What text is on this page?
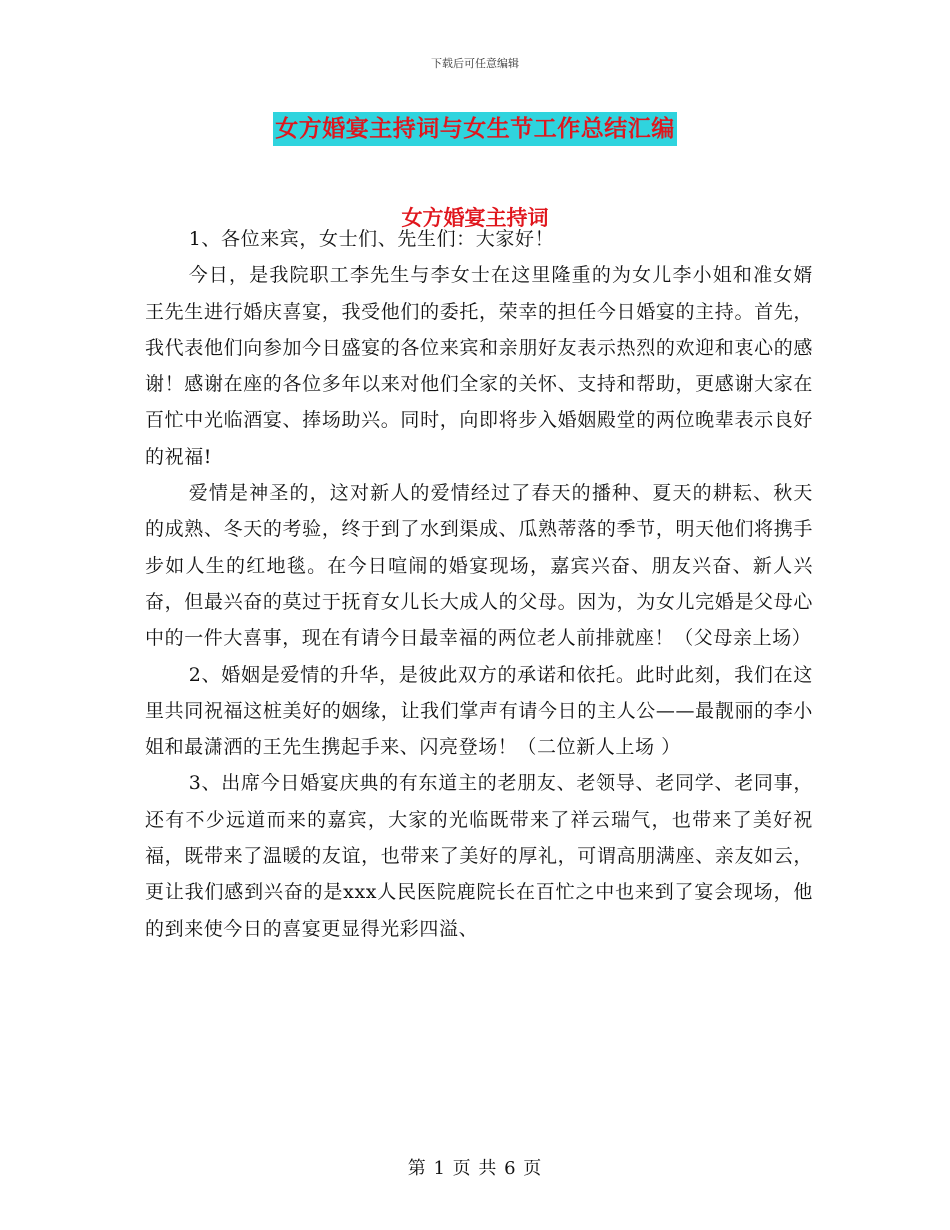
下载后可任意编辑
女方婚宴主持词与女生节工作总结汇编
女方婚宴主持词

1、各位来宾，女士们、先生们：大家好！

今日，是我院职工李先生与李女士在这里隆重的为女儿李小姐和准女婿王先生进行婚庆喜宴，我受他们的委托，荣幸的担任今日婚宴的主持。首先，我代表他们向参加今日盛宴的各位来宾和亲朋好友表示热烈的欢迎和衷心的感谢！感谢在座的各位多年以来对他们全家的关怀、支持和帮助，更感谢大家在百忙中光临酒宴、捧场助兴。同时，向即将步入婚姻殿堂的两位晚辈表示良好的祝福!

爱情是神圣的，这对新人的爱情经过了春天的播种、夏天的耕耘、秋天的成熟、冬天的考验，终于到了水到渠成、瓜熟蒂落的季节，明天他们将携手步如人生的红地毯。在今日喧闹的婚宴现场，嘉宾兴奋、朋友兴奋、新人兴奋，但最兴奋的莫过于抚育女儿长大成人的父母。因为，为女儿完婚是父母心中的一件大喜事，现在有请今日最幸福的两位老人前排就座！（父母亲上场）

2、婚姻是爱情的升华，是彼此双方的承诺和依托。此时此刻，我们在这里共同祝福这桩美好的姻缘，让我们掌声有请今日的主人公——最靓丽的李小姐和最潇洒的王先生携起手来、闪亮登场！（二位新人上场 ）

3、出席今日婚宴庆典的有东道主的老朋友、老领导、老同学、老同事，还有不少远道而来的嘉宾，大家的光临既带来了祥云瑞气，也带来了美好祝福，既带来了温暖的友谊，也带来了美好的厚礼，可谓高朋满座、亲友如云，更让我们感到兴奋的是xxx人民医院鹿院长在百忙之中也来到了宴会现场，他的到来使今日的喜宴更显得光彩四溢、

第 1 页 共 6 页
